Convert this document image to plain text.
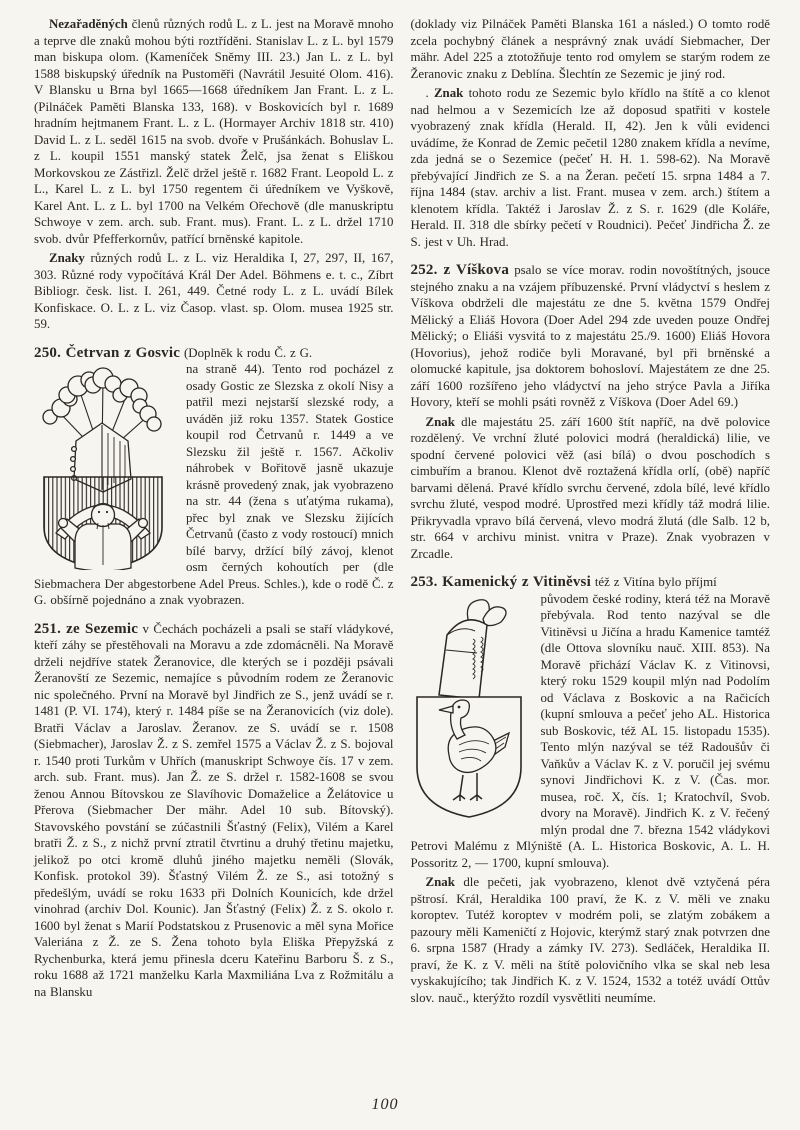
Nezařaděných členů různých rodů L. z L. jest na Moravě mnoho a teprve dle znaků mohou býti roztříděni. Stanislav L. z L. byl 1579 man biskupa olom. (Kameníček Sněmy III. 23.) Jan L. z L. byl 1588 biskupský úředník na Pustoměři (Navrátil Jesuité Olom. 416). V Blansku u Brna byl 1665—1668 úředníkem Jan Frant. L. z L. (Pilnáček Paměti Blanska 133, 168). v Boskovicích byl r. 1689 hradním hejtmanem Frant. L. z L. (Hormayer Archiv 1818 str. 410) David L. z L. seděl 1615 na svob. dvoře v Prušánkách. Bohuslav L. z L. koupil 1551 manský statek Želč, jsa ženat s Eliškou Morkovskou ze Zástřizl. Želč držel ještě r. 1682 Frant. Leopold L. z L., Karel L. z L. byl 1750 regentem či úředníkem ve Vyškově, Karel Ant. L. z L. byl 1700 na Velkém Ořechově (dle manuskriptu Schwoye v zem. arch. sub. Frant. mus). Frant. L. z L. držel 1710 svob. dvůr Pfefferkornův, patřící brněnské kapitole.

Znaky různých rodů L. z L. viz Heraldika I, 27, 297, II, 167, 303. Různé rody vypočítává Král Der Adel. Böhmens e. t. c., Zíbrt Bibliogr. česk. list. I. 261, 449. Četné rody L. z L. uvádí Bílek Konfiskace. O. L. z L. viz Časop. vlast. sp. Olom. musea 1925 str. 59.

250. Četrvan z Gosvic (Doplněk k rodu Č. z G.

na straně 44). Tento rod pocházel z osady Gostic ze Slezska z okolí Nisy a patřil mezi nejstarší slezské rody, a uváděn již roku 1357. Statek Gostice koupil rod Četrvanů r. 1449 a ve Slezsku žil ještě r. 1567. Ačkoliv náhrobek v Bořitově jasně ukazuje krásně provedený znak, jak vyobrazeno na str. 44 (žena s uťatýma rukama), přec byl znak ve Slezsku žijících Četrvanů (často z vody rostoucí) mnich bílé barvy, držící bílý závoj, klenot osm černých kohoutích per (dle Siebmachera Der abgestorbene Adel Preus. Schles.), kde o rodě Č. z G. obšírně pojednáno a znak vyobrazen.

251. ze Sezemic v Čechách pocházeli a psali se staří vládykové, kteří záhy se přestěhovali na Moravu a zde zdomácněli. Na Moravě drželi nejdříve statek Žeranovice, dle kterých se i později psávali Žeranovští ze Sezemic, nemajíce s původním rodem ze Žeranovic nic společného. První na Moravě byl Jindřich ze S., jenž uvádí se r. 1481 (P. VI. 174), který r. 1484 píše se na Žeranovicích (viz dole). Bratři Václav a Jaroslav. Žeranov. ze S. uvádí se r. 1508 (Siebmacher), Jaroslav Ž. z S. zemřel 1575 a Václav Ž. z S. bojoval r. 1540 proti Turkům v Uhřích (manuskript Schwoye čís. 17 v zem. arch. sub. Frant. mus). Jan Ž. ze S. držel r. 1582-1608 se svou ženou Annou Bítovskou ze Slavíhovic Domaželice a Želátovice u Přerova (Siebmacher Der mähr. Adel 10 sub. Bítovský). Stavovského povstání se zúčastnili Šťastný (Felix), Vilém a Karel bratři Ž. z S., z nichž první ztratil čtvrtinu a druhý třetinu majetku, jelikož po otci kromě dluhů jiného majetku neměli (Slovák, Konfisk. protokol 39). Šťastný Vilém Ž. ze S., asi totožný s předešlým, uvádí se roku 1633 při Dolních Kounicích, kde držel vinohrad (archiv Dol. Kounic). Jan Šťastný (Felix) Ž. z S. okolo r. 1600 byl ženat s Marií Podstatskou z Prusenovic a měl syna Mořice Valeriána z Ž. ze S. Žena tohoto byla Eliška Přepyžská z Rychenburka, která jemu přinesla dceru Kateřinu Barboru Š. z S., roku 1688 až 1721 manželku Karla Maxmiliána Lva z Rožmitálu a na Blansku

(doklady viz Pilnáček Paměti Blanska 161 a násled.) O tomto rodě zcela pochybný článek a nesprávný znak uvádí Siebmacher, Der mähr. Adel 225 a ztotožňuje tento rod omylem se starým rodem ze Žeranovic znaku z Deblína. Šlechtín ze Sezemic je jiný rod.

. Znak tohoto rodu ze Sezemic bylo křídlo na štítě a co klenot nad helmou a v Sezemicích lze až doposud spatřiti v kostele vyobrazený znak křídla (Herald. II, 42). Jen k vůli evidenci uvádíme, že Konrad de Zemic pečetil 1280 znakem křídla a nevíme, zda jedná se o Sezemice (pečeť H. H. 1. 598-62). Na Moravě přebývající Jindřich ze S. a na Žeran. pečetí 15. srpna 1484 a 7. října 1484 (stav. archiv a list. Frant. musea v zem. arch.) štítem a klenotem křídla. Taktéž i Jaroslav Ž. z S. r. 1629 (dle Koláře, Herald. II. 318 dle sbírky pečetí v Roudnici). Pečeť Jindřicha Ž. ze S. jest v Uh. Hrad.

252. z Víškova psalo se více morav. rodin novoštítných, jsouce stejného znaku a na vzájem příbuzenské. První vládyctví s heslem z Víškova obdrželi dle majestátu ze dne 5. května 1579 Ondřej Mělický a Eliáš Hovora (Doer Adel 294 zde uveden pouze Ondřej Mělický; o Eliáši vysvitá to z majestátu 25./9. 1600) Eliáš Hovora (Hovorius), jehož rodiče byli Moravané, byl při brněnské a olomucké kapitule, jsa doktorem bohosloví. Majestátem ze dne 25. září 1600 rozšířeno jeho vládyctví na jeho strýce Pavla a Jiříka Hovory, kteří se mohli psáti rovněž z Víškova (Doer Adel 69.)

Znak dle majestátu 25. září 1600 štít napříč, na dvě polovice rozdělený. Ve vrchní žluté polovici modrá (heraldická) lilie, ve spodní červené polovici věž (asi bílá) o dvou poschodích s cimbuřím a branou. Klenot dvě roztažená křídla orlí, (obě) napříč barvami dělená. Pravé křídlo svrchu červené, zdola bílé, levé křídlo svrchu žluté, vespod modré. Uprostřed mezi křídly táž modrá lilie. Přikryvadla vpravo bílá červená, vlevo modrá žlutá (dle Salb. 12 b, str. 664 v archivu minist. vnitra v Praze). Znak vyobrazen v Zrcadle.

253. Kamenický z Vitiněvsi též z Vitína bylo příjmí

původem české rodiny, která též na Moravě přebývala. Rod tento nazýval se dle Vitiněvsi u Jičína a hradu Kamenice tamtéž (dle Ottova slovníku nauč. XIII. 853). Na Moravě přichází Václav K. z Vitinovsi, který roku 1529 koupil mlýn nad Podolím od Václava z Boskovic a na Račicích (kupní smlouva a pečeť jeho AL. Historica sub Boskovic, též AL 15. listopadu 1535). Tento mlýn nazýval se též Radoušův či Vaňkův a Václav K. z V. poručil jej svému synovi Jindřichovi K. z V. (Čas. mor. musea, roč. X, čís. 1; Kratochvíl, Svob. dvory na Moravě). Jindřich K. z V. řečený mlýn prodal dne 7. března 1542 vládykovi Petrovi Malému z Mlýniště (A. L. Historica Boskovic, A. L. H. Possoritz 2, — 1700, kupní smlouva).

Znak dle pečeti, jak vyobrazeno, klenot dvě vztyčená péra pštrosí. Král, Heraldika 100 praví, že K. z V. měli ve znaku koroptev. Tutéž koroptev v modrém poli, se zlatým zobákem a pazoury měli Kameničtí z Hojovic, kterýmž starý znak potvrzen dne 6. srpna 1587 (Hrady a zámky IV. 273). Sedláček, Heraldika II. praví, že K. z V. měli na štítě polovičního vlka se skal neb lesa vyskakujícího; tak Jindřich K. z V. 1524, 1532 a totéž uvádí Ottův slov. nauč., kterýžto rozdíl vysvětliti neumíme.

100
